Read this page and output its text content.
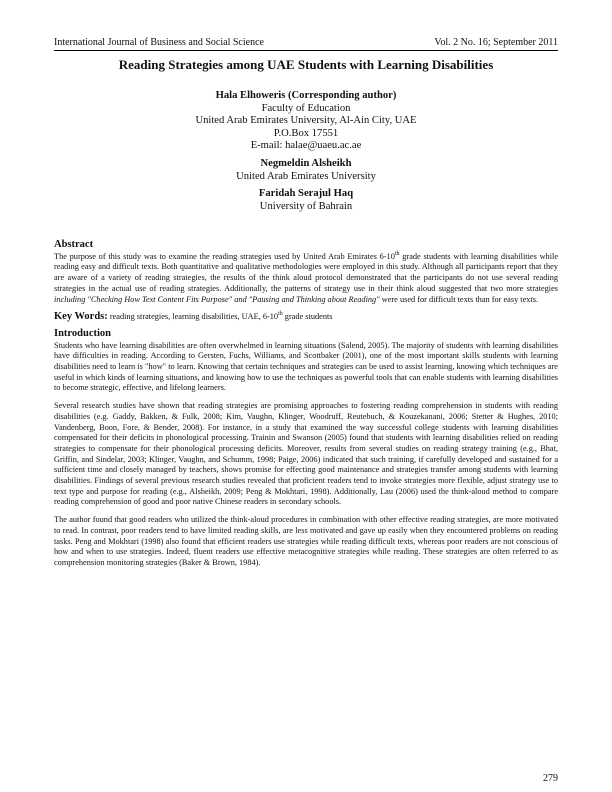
International Journal of Business and Social Science	Vol. 2 No. 16; September 2011
Reading Strategies among UAE Students with Learning Disabilities
Hala Elhoweris (Corresponding author)
Faculty of Education
United Arab Emirates University, Al-Ain City, UAE
P.O.Box 17551
E-mail: halae@uaeu.ac.ae
Negmeldin Alsheikh
United Arab Emirates University
Faridah Serajul Haq
University of Bahrain
Abstract

The purpose of this study was to examine the reading strategies used by United Arab Emirates 6-10th grade students with learning disabilities while reading easy and difficult texts. Both quantitative and qualitative methodologies were employed in this study. Although all participants report that they are aware of a variety of reading strategies, the results of the think aloud protocol demonstrated that the participants do not use several reading strategies in the actual use of reading strategies. Additionally, the patterns of strategy use in their think aloud suggested that two more strategies including "Checking How Text Content Fits Purpose" and "Pausing and Thinking about Reading" were used for difficult texts than for easy texts.

Key Words: reading strategies, learning disabilities, UAE, 6-10th grade students
Introduction

Students who have learning disabilities are often overwhelmed in learning situations (Salend, 2005). The majority of students with learning disabilities have difficulties in reading. According to Gersten, Fuchs, Williams, and Scottbaker (2001), one of the most important skills students with learning disabilities need to learn is "how" to learn. Knowing that certain techniques and strategies can be used to assist learning, knowing which techniques are useful in which kinds of learning situations, and knowing how to use the techniques as powerful tools that can enable students with learning disabilities to become strategic, effective, and lifelong learners.

Several research studies have shown that reading strategies are promising approaches to fostering reading comprehension in students with reading disabilities (e.g. Gaddy, Bakken, & Fulk, 2008; Kim, Vaughn, Klinger, Woodruff, Reutebuch, & Kouzekanani, 2006; Stetter & Hughes, 2010; Vandenberg, Boon, Fore, & Bender, 2008). For instance, in a study that examined the way successful college students with learning disabilities compensated for their deficits in phonological processing. Trainin and Swanson (2005) found that students with learning disabilities relied on reading strategies to compensate for their phonological processing deficits. Moreover, results from several studies on reading strategy training (e.g., Bhat, Griffin, and Sindelar, 2003; Klinger, Vaughn, and Schumm, 1998; Paige, 2006) indicated that such training, if carefully developed and sustained for a sufficient time and closely managed by teachers, shows promise for effecting good maintenance and strategies transfer among students with learning disabilities. Findings of several previous research studies revealed that proficient readers tend to invoke strategies more flexible, adjust strategy use to text type and purpose for reading (e.g., Alsheikh, 2009; Peng & Mokhtari, 1998). Additionally, Lau (2006) used the think-aloud method to compare reading comprehension of good and poor native Chinese readers in secondary schools.

The author found that good readers who utilized the think-aloud procedures in combination with other effective reading strategies, are more motivated to read. In contrast, poor readers tend to have limited reading skills, are less motivated and gave up easily when they encountered problems on reading tasks. Peng and Mokhtari (1998) also found that efficient readers use strategies while reading difficult texts, whereas poor readers are not conscious of how and when to use strategies. Indeed, fluent readers use effective metacognitive strategies while reading. These strategies are often referred to as comprehension monitoring strategies (Baker & Brown, 1984).

279
